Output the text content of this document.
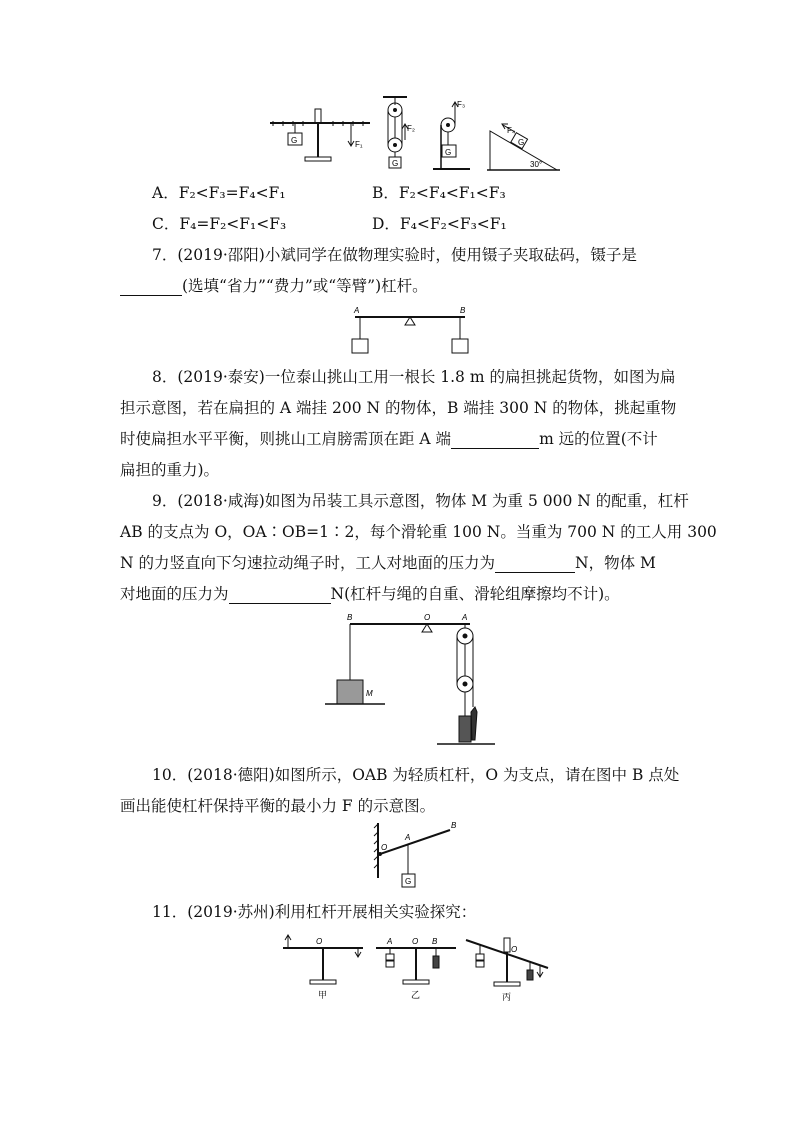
G	F₁
F₂
G
F₃
G
F₄
G
30°
A．F₂<F₃=F₄<F₁	B．F₂<F₄<F₁<F₃
C．F₄=F₂<F₁<F₃	D．F₄<F₂<F₃<F₁
7．(2019·邵阳)小斌同学在做物理实验时，使用镊子夹取砝码，镊子是
(选填“省力”“费力”或“等臂”)杠杆。
A	B
8．(2019·泰安)一位泰山挑山工用一根长 1.8 m 的扁担挑起货物，如图为扁
担示意图，若在扁担的 A 端挂 200 N 的物体，B 端挂 300 N 的物体，挑起重物
时使扁担水平平衡，则挑山工肩膀需顶在距 A 端	m 远的位置(不计
扁担的重力)。
9．(2018·咸海)如图为吊装工具示意图，物体 M 为重 5 000 N 的配重，杠杆
AB 的支点为 O，OA∶OB=1∶2，每个滑轮重 100 N。当重为 700 N 的工人用 300
N 的力竖直向下匀速拉动绳子时，工人对地面的压力为	N，物体 M
对地面的压力为	N(杠杆与绳的自重、滑轮组摩擦均不计)。
B	O	A
M
10．(2018·德阳)如图所示，OAB 为轻质杠杆，O 为支点，请在图中 B 点处
画出能使杠杆保持平衡的最小力 F 的示意图。
O
A
B
G
11．(2019·苏州)利用杠杆开展相关实验探究：
O
甲
A O B
乙
O
丙
